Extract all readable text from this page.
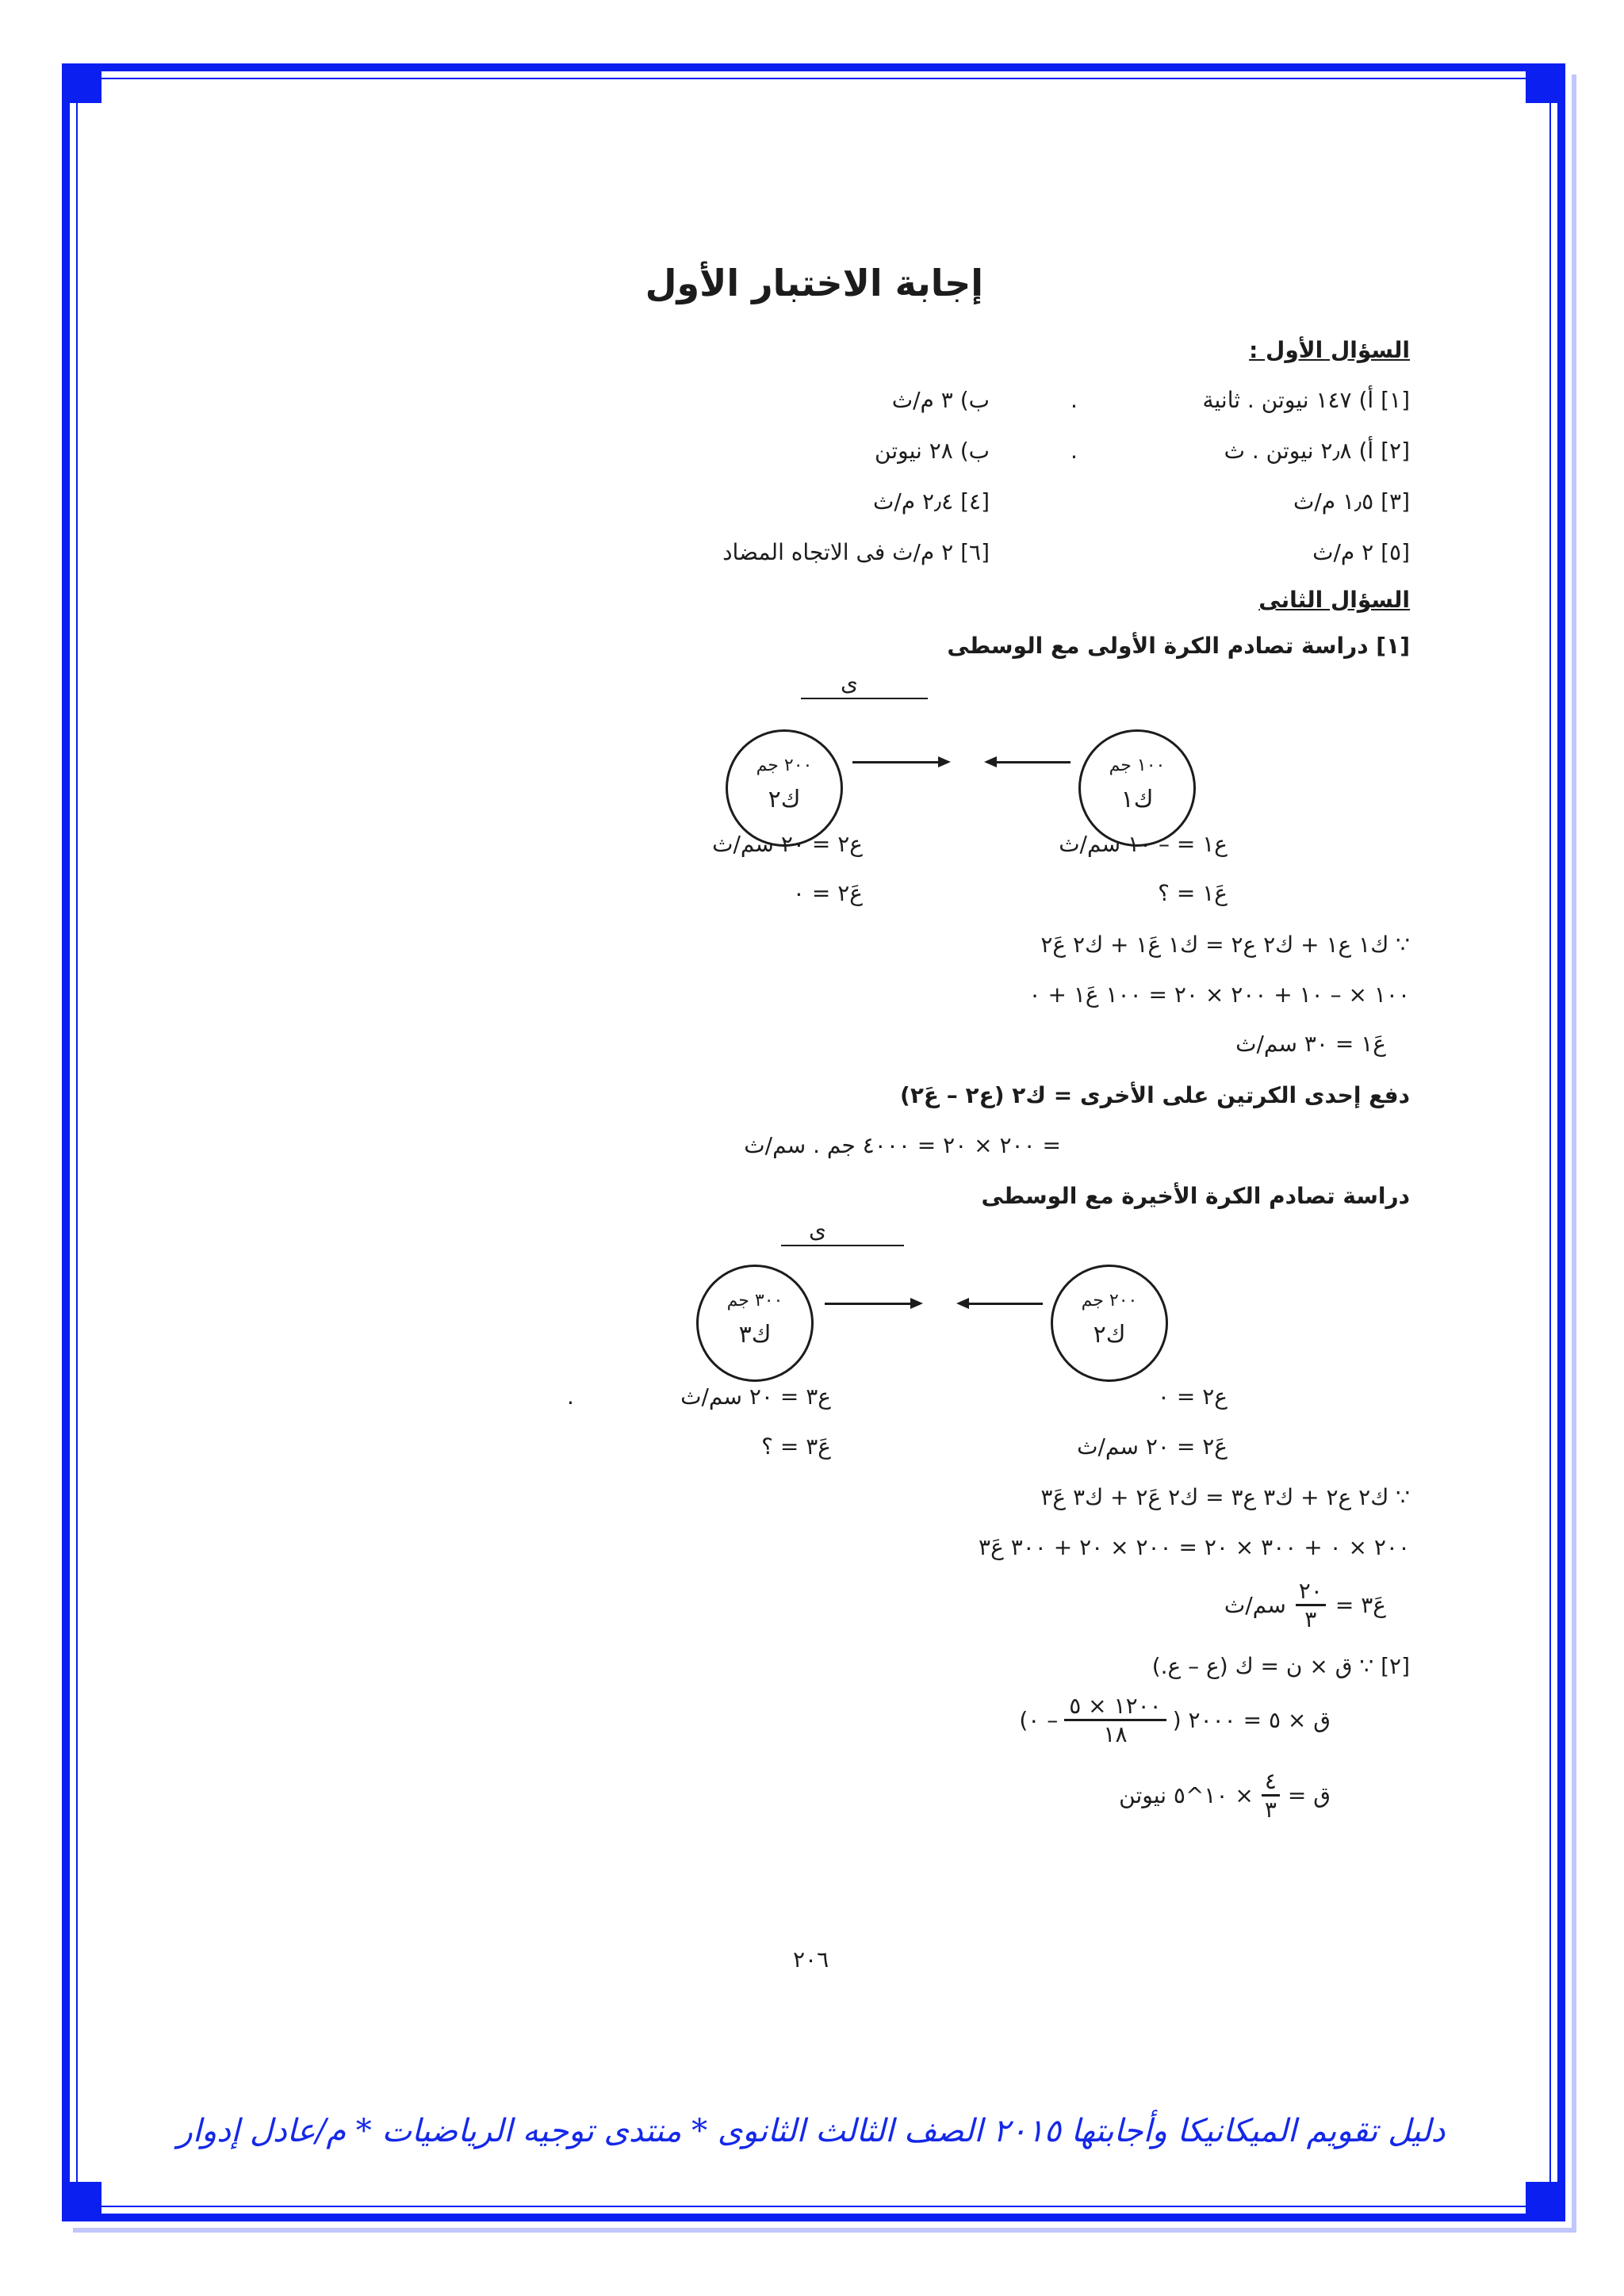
إجابة الاختبار الأول
السؤال الأول :
[١] أ) ١٤٧ نيوتن . ثانية
.
ب) ٣ م/ث
[٢] أ) ٢٫٨ نيوتن . ث
.
ب) ٢٨ نيوتن
[٣] ١٫٥ م/ث
[٤] ٢٫٤ م/ث
[٥] ٢ م/ث
[٦] ٢ م/ث فى الاتجاه المضاد
السؤال الثانى
[١] دراسة تصادم الكرة الأولى مع الوسطى
ى
٢٠٠ جم
ك٢
١٠٠ جم
ك١
ع٢ = ٢٠ سم/ث
ع٢َ = ٠
ع١ = – ١٠ سم/ث
ع١َ = ؟
∵ ك١ ع١ + ك٢ ع٢ = ك١ ع١َ + ك٢ ع٢َ
١٠٠ × – ١٠ + ٢٠٠ × ٢٠ = ١٠٠ ع١َ + ٠
ع١َ = ٣٠ سم/ث
دفع إحدى الكرتين على الأخرى = ك٢ (ع٢ – ع٢َ)
= ٢٠٠ × ٢٠ = ٤٠٠٠ جم . سم/ث
دراسة تصادم الكرة الأخيرة مع الوسطى
ى
٣٠٠ جم
ك٣
٢٠٠ جم
ك٢
.	ع٣ = ٢٠ سم/ث
ع٣َ = ؟
ع٢ = ٠
ع٢َ = ٢٠ سم/ث
∵ ك٢ ع٢ + ك٣ ع٣ = ك٢ ع٢َ + ك٣ ع٣َ
٢٠٠ × ٠ + ٣٠٠ × ٢٠ = ٢٠٠ × ٢٠ + ٣٠٠ ع٣َ
ع٣َ =
٢٠
٣
سم/ث
[٢] ∵ ق × ن = ك (ع – ع.)
ق × ٥ = ٢٠٠٠ (
١٢٠٠ × ٥
١٨
– ٠)
ق =
٤
٣
× ١٠^٥ نيوتن
٢٠٦
دليل تقويم الميكانيكا وأجابتها ٢٠١٥ الصف الثالث الثانوى * منتدى توجيه الرياضيات * م/عادل إدوار
